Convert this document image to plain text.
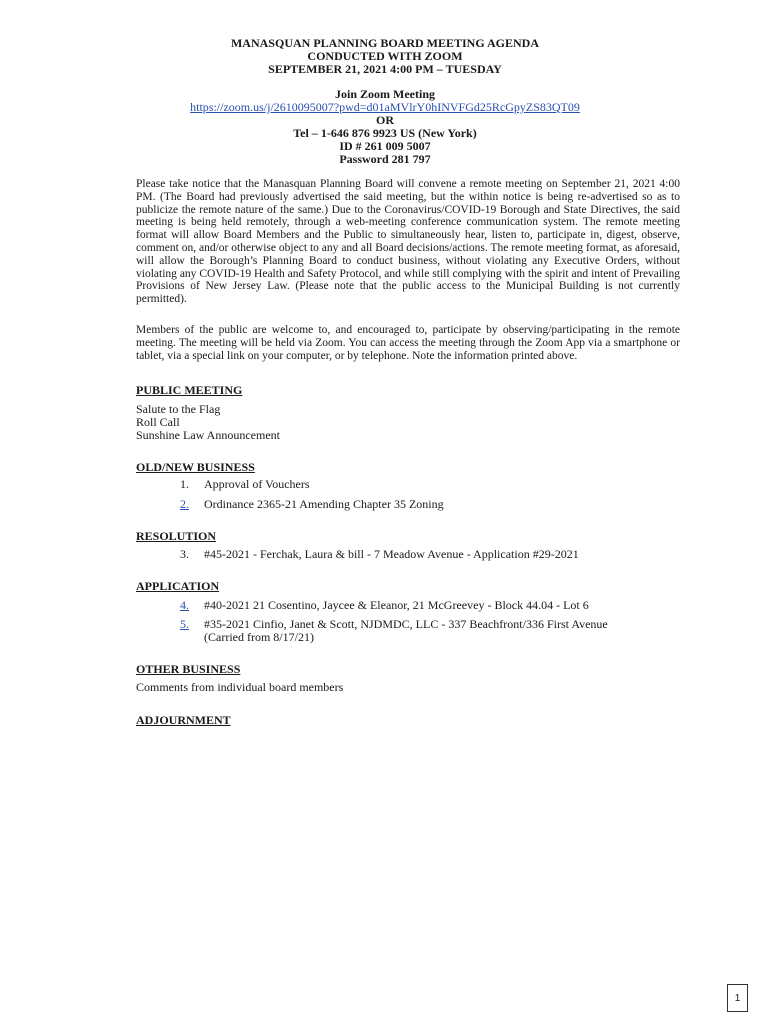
MANASQUAN PLANNING BOARD MEETING AGENDA
CONDUCTED WITH ZOOM
SEPTEMBER 21, 2021 4:00 PM – TUESDAY
Join Zoom Meeting
https://zoom.us/j/2610095007?pwd=d01aMVlrY0hINVFGd25RcGpyZS83QT09
OR
Tel – 1-646 876 9923 US (New York)
ID # 261 009 5007
Password 281 797
Please take notice that the Manasquan Planning Board will convene a remote meeting on September 21, 2021 4:00 PM. (The Board had previously advertised the said meeting, but the within notice is being re-advertised so as to publicize the remote nature of the same.) Due to the Coronavirus/COVID-19 Borough and State Directives, the said meeting is being held remotely, through a web-meeting conference communication system. The remote meeting format will allow Board Members and the Public to simultaneously hear, listen to, participate in, digest, observe, comment on, and/or otherwise object to any and all Board decisions/actions. The remote meeting format, as aforesaid, will allow the Borough’s Planning Board to conduct business, without violating any Executive Orders, without violating any COVID-19 Health and Safety Protocol, and while still complying with the spirit and intent of Prevailing Provisions of New Jersey Law. (Please note that the public access to the Municipal Building is not currently permitted).
Members of the public are welcome to, and encouraged to, participate by observing/participating in the remote meeting. The meeting will be held via Zoom. You can access the meeting through the Zoom App via a smartphone or tablet, via a special link on your computer, or by telephone. Note the information printed above.
PUBLIC MEETING
Salute to the Flag
Roll Call
Sunshine Law Announcement
OLD/NEW BUSINESS
1. Approval of Vouchers
2. Ordinance 2365-21 Amending Chapter 35 Zoning
RESOLUTION
3. #45-2021 - Ferchak, Laura & bill - 7 Meadow Avenue - Application #29-2021
APPLICATION
4. #40-2021 21 Cosentino, Jaycee & Eleanor, 21 McGreevey - Block 44.04 - Lot 6
5. #35-2021 Cinfio, Janet & Scott, NJDMDC, LLC - 337 Beachfront/336 First Avenue (Carried from 8/17/21)
OTHER BUSINESS
Comments from individual board members
ADJOURNMENT
1
